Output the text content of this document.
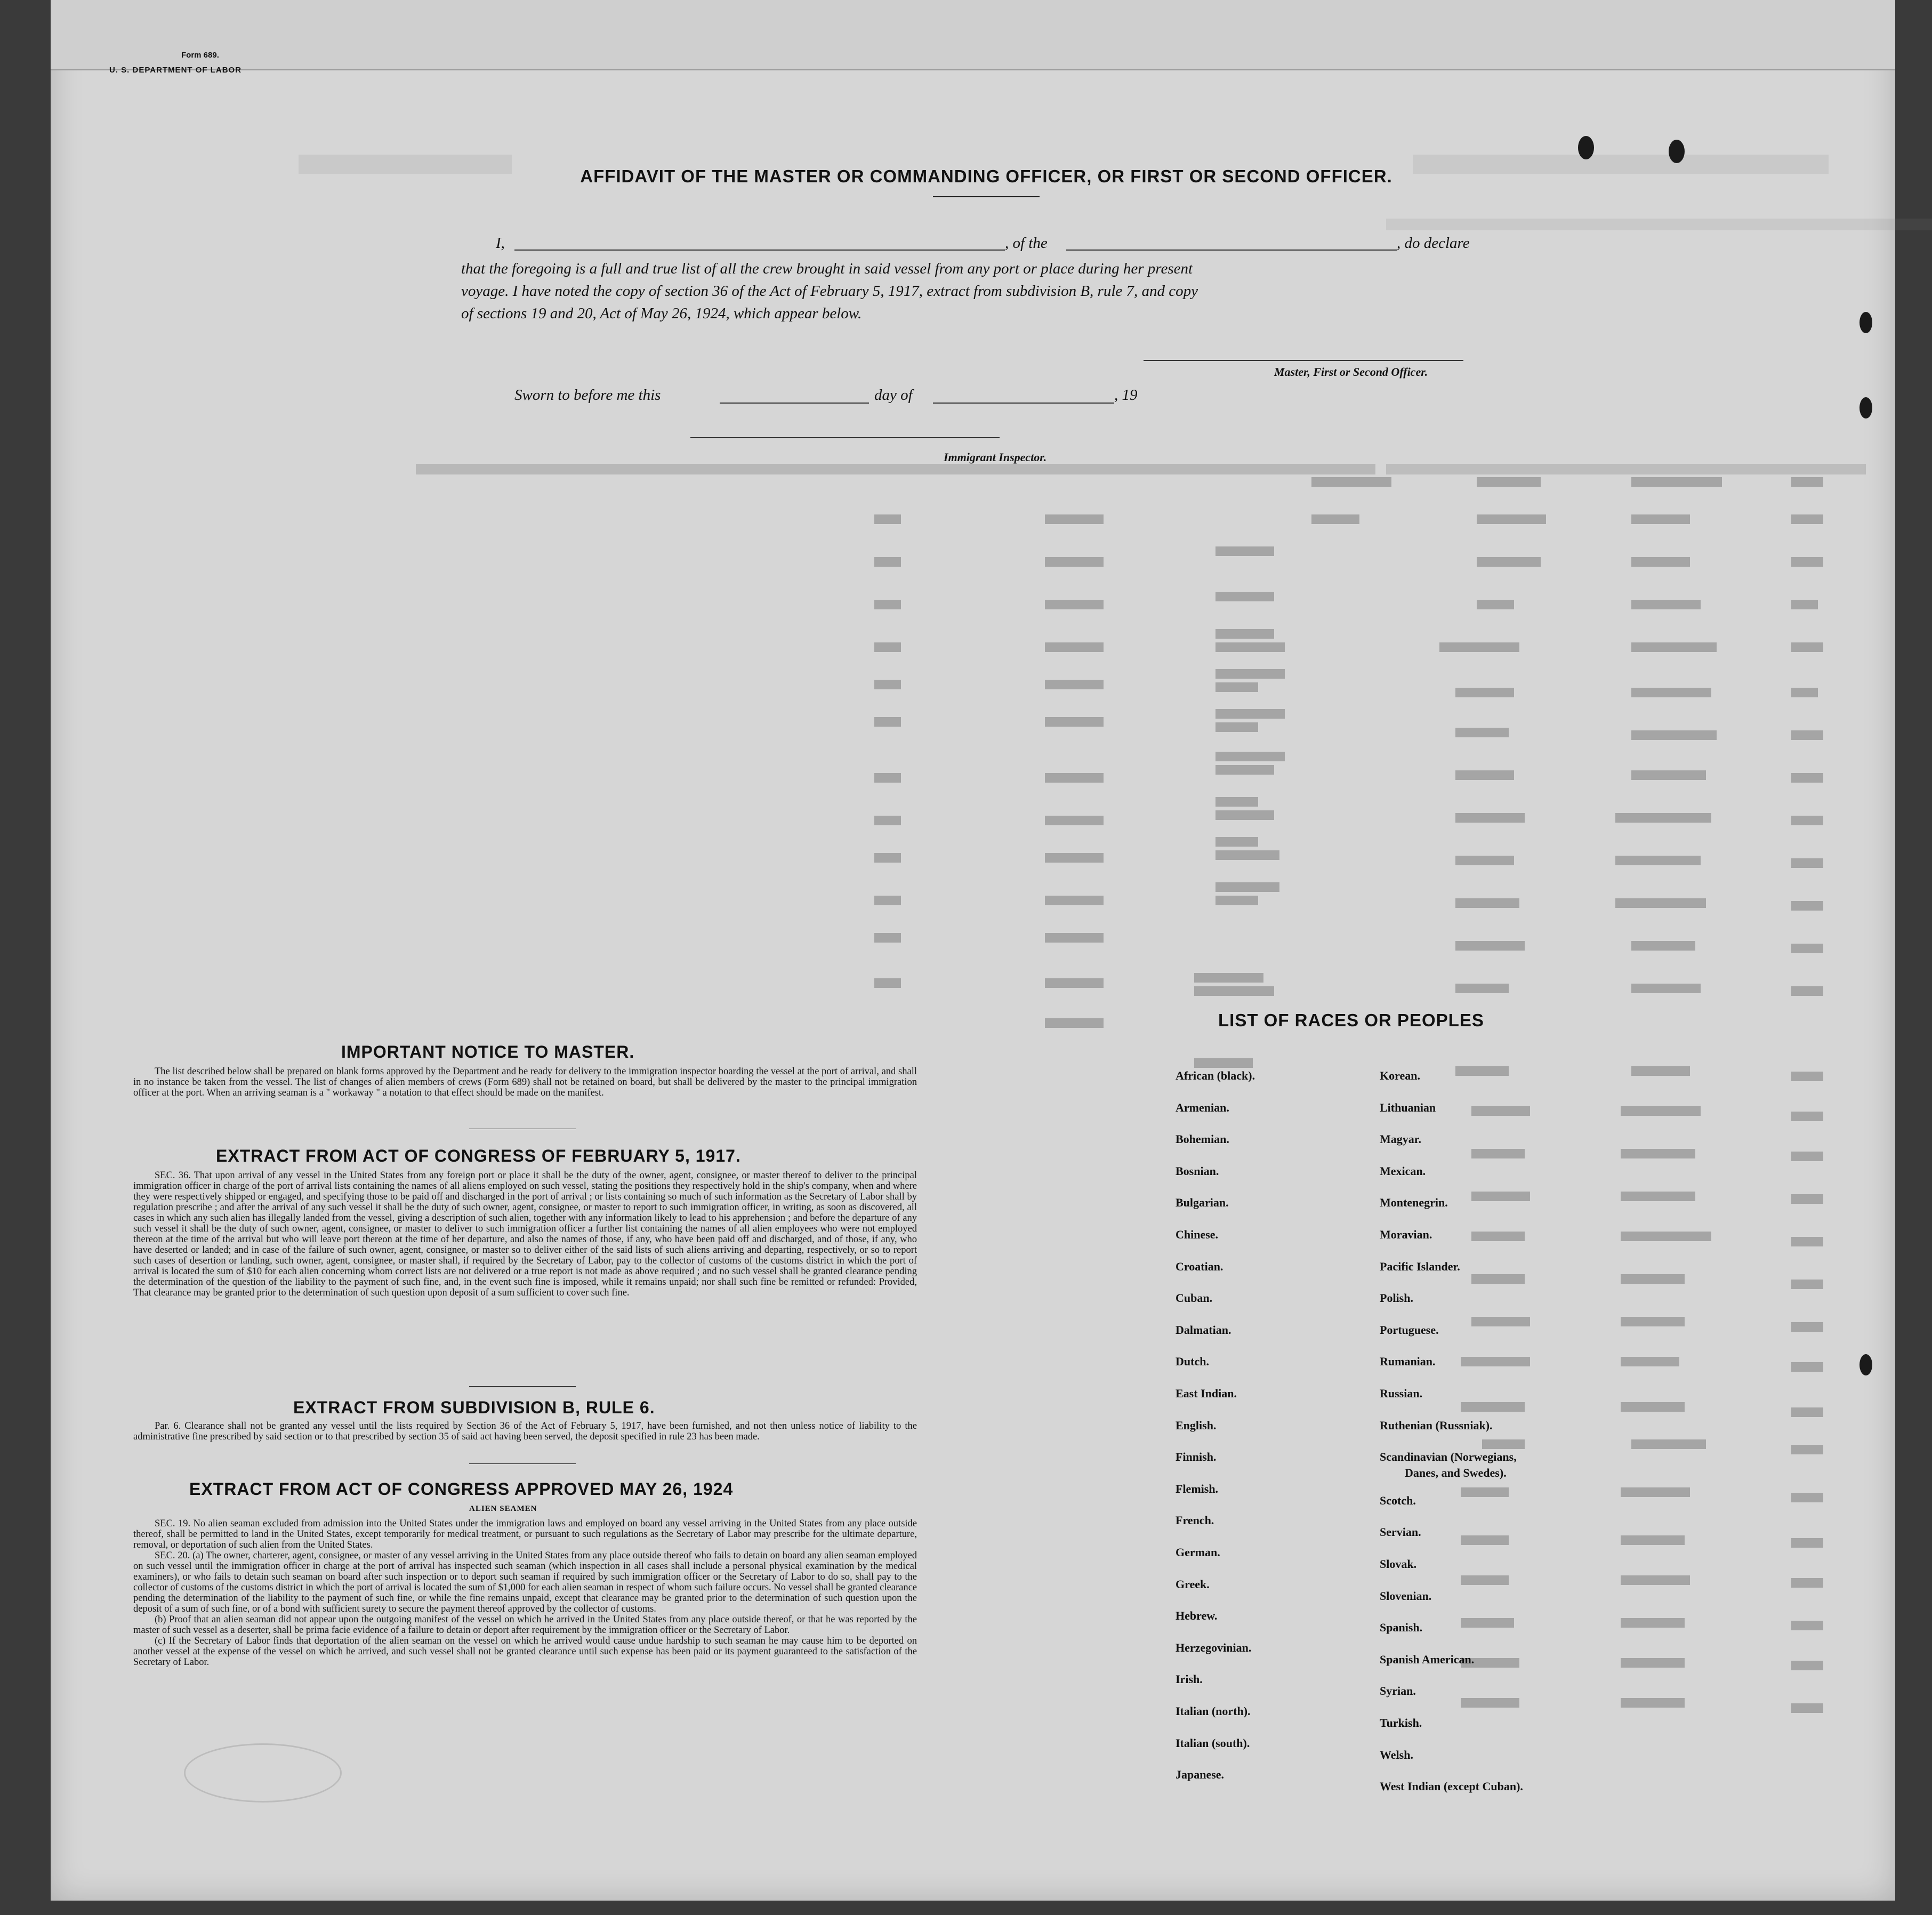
Form 689.
U. S. DEPARTMENT OF LABOR
AFFIDAVIT OF THE MASTER OR COMMANDING OFFICER, OR FIRST OR SECOND OFFICER.
I,	, of the	, do declare
that the foregoing is a full and true list of all the crew brought in said vessel from any port or place during her present
voyage. I have noted the copy of section 36 of the Act of February 5, 1917, extract from subdivision B, rule 7, and copy
of sections 19 and 20, Act of May 26, 1924, which appear below.
Master, First or Second Officer.
Sworn to before me this	day of	, 19
Immigrant Inspector.
IMPORTANT NOTICE TO MASTER.

The list described below shall be prepared on blank forms approved by the Department and be ready for delivery to the immigration inspector boarding the vessel at the port of arrival, and shall in no instance be taken from the vessel. The list of changes of alien members of crews (Form 689) shall not be retained on board, but shall be delivered by the master to the principal immigration officer at the port. When an arriving seaman is a " workaway " a notation to that effect should be made on the manifest.

EXTRACT FROM ACT OF CONGRESS OF FEBRUARY 5, 1917.

SEC. 36. That upon arrival of any vessel in the United States from any foreign port or place it shall be the duty of the owner, agent, consignee, or master thereof to deliver to the principal immigration officer in charge of the port of arrival lists containing the names of all aliens employed on such vessel, stating the positions they respectively hold in the ship's company, when and where they were respectively shipped or engaged, and specifying those to be paid off and discharged in the port of arrival ; or lists containing so much of such information as the Secretary of Labor shall by regulation prescribe ; and after the arrival of any such vessel it shall be the duty of such owner, agent, consignee, or master to report to such immigration officer, in writing, as soon as discovered, all cases in which any such alien has illegally landed from the vessel, giving a description of such alien, together with any information likely to lead to his apprehension ; and before the departure of any such vessel it shall be the duty of such owner, agent, consignee, or master to deliver to such immigration officer a further list containing the names of all alien employees who were not employed thereon at the time of the arrival but who will leave port thereon at the time of her departure, and also the names of those, if any, who have been paid off and discharged, and of those, if any, who have deserted or landed; and in case of the failure of such owner, agent, consignee, or master so to deliver either of the said lists of such aliens arriving and departing, respectively, or so to report such cases of desertion or landing, such owner, agent, consignee, or master shall, if required by the Secretary of Labor, pay to the collector of customs of the customs district in which the port of arrival is located the sum of $10 for each alien concerning whom correct lists are not delivered or a true report is not made as above required ; and no such vessel shall be granted clearance pending the determination of the question of the liability to the payment of such fine, and, in the event such fine is imposed, while it remains unpaid; nor shall such fine be remitted or refunded: Provided, That clearance may be granted prior to the determination of such question upon deposit of a sum sufficient to cover such fine.

EXTRACT FROM SUBDIVISION B, RULE 6.

Par. 6. Clearance shall not be granted any vessel until the lists required by Section 36 of the Act of February 5, 1917, have been furnished, and not then unless notice of liability to the administrative fine prescribed by said section or to that prescribed by section 35 of said act having been served, the deposit specified in rule 23 has been made.

EXTRACT FROM ACT OF CONGRESS APPROVED MAY 26, 1924
ALIEN SEAMEN

SEC. 19. No alien seaman excluded from admission into the United States under the immigration laws and employed on board any vessel arriving in the United States from any place outside thereof, shall be permitted to land in the United States, except temporarily for medical treatment, or pursuant to such regulations as the Secretary of Labor may prescribe for the ultimate departure, removal, or deportation of such alien from the United States.

SEC. 20. (a) The owner, charterer, agent, consignee, or master of any vessel arriving in the United States from any place outside thereof who fails to detain on board any alien seaman employed on such vessel until the immigration officer in charge at the port of arrival has inspected such seaman (which inspection in all cases shall include a personal physical examination by the medical examiners), or who fails to detain such seaman on board after such inspection or to deport such seaman if required by such immigration officer or the Secretary of Labor to do so, shall pay to the collector of customs of the customs district in which the port of arrival is located the sum of $1,000 for each alien seaman in respect of whom such failure occurs. No vessel shall be granted clearance pending the determination of the liability to the payment of such fine, or while the fine remains unpaid, except that clearance may be granted prior to the determination of such question upon the deposit of a sum of such fine, or of a bond with sufficient surety to secure the payment thereof approved by the collector of customs.

(b) Proof that an alien seaman did not appear upon the outgoing manifest of the vessel on which he arrived in the United States from any place outside thereof, or that he was reported by the master of such vessel as a deserter, shall be prima facie evidence of a failure to detain or deport after requirement by the immigration officer or the Secretary of Labor.

(c) If the Secretary of Labor finds that deportation of the alien seaman on the vessel on which he arrived would cause undue hardship to such seaman he may cause him to be deported on another vessel at the expense of the vessel on which he arrived, and such vessel shall not be granted clearance until such expense has been paid or its payment guaranteed to the satisfaction of the Secretary of Labor.

LIST OF RACES OR PEOPLES
African (black).
Armenian.
Bohemian.
Bosnian.
Bulgarian.
Chinese.
Croatian.
Cuban.
Dalmatian.
Dutch.
East Indian.
English.
Finnish.
Flemish.
French.
German.
Greek.
Hebrew.
Herzegovinian.
Irish.
Italian (north).
Italian (south).
Japanese.
Korean.
Lithuanian
Magyar.
Mexican.
Montenegrin.
Moravian.
Pacific Islander.
Polish.
Portuguese.
Rumanian.
Russian.
Ruthenian (Russniak).
Scandinavian (Norwegians,
Scotch.
Servian.
Slovak.
Slovenian.
Spanish.
Spanish American.
Syrian.
Turkish.
Welsh.
West Indian (except Cuban).
Danes, and Swedes).
